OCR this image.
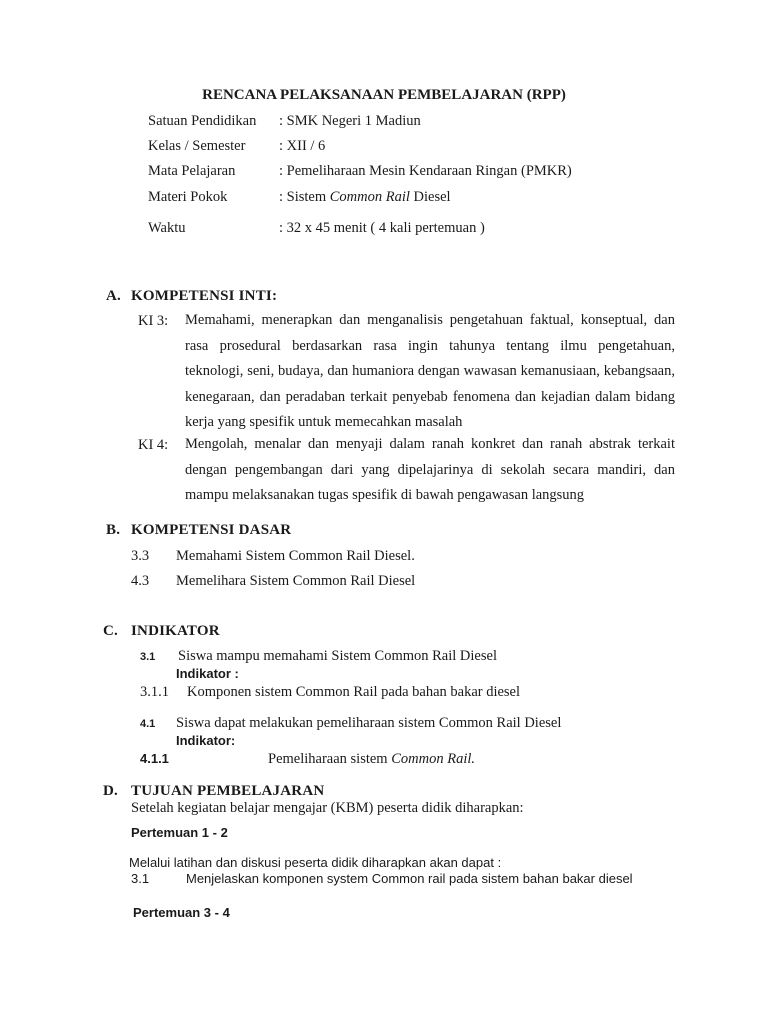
RENCANA PELAKSANAAN PEMBELAJARAN (RPP)
Satuan Pendidikan : SMK Negeri 1 Madiun
Kelas / Semester : XII / 6
Mata Pelajaran	: Pemeliharaan Mesin Kendaraan Ringan (PMKR)
Materi Pokok	: Sistem Common Rail Diesel
Waktu	: 32 x 45 menit ( 4 kali pertemuan )
A. KOMPETENSI INTI:
KI 3: Memahami, menerapkan dan menganalisis pengetahuan faktual, konseptual, dan rasa prosedural berdasarkan rasa ingin tahunya tentang ilmu pengetahuan, teknologi, seni, budaya, dan humaniora dengan wawasan kemanusiaan, kebangsaan, kenegaraan, dan peradaban terkait penyebab fenomena dan kejadian dalam bidang kerja yang spesifik untuk memecahkan masalah
KI 4: Mengolah, menalar dan menyaji dalam ranah konkret dan ranah abstrak terkait dengan pengembangan dari yang dipelajarinya di sekolah secara mandiri, dan mampu melaksanakan tugas spesifik di bawah pengawasan langsung
B. KOMPETENSI DASAR
3.3 Memahami Sistem Common Rail Diesel.
4.3 Memelihara Sistem Common Rail Diesel
C. INDIKATOR
3.1 Siswa mampu memahami Sistem Common Rail Diesel
Indikator :
3.1.1 Komponen sistem Common Rail pada bahan bakar diesel
4.1 Siswa dapat melakukan pemeliharaan sistem Common Rail Diesel
Indikator:
4.1.1	Pemeliharaan sistem Common Rail.
D. TUJUAN PEMBELAJARAN
Setelah kegiatan belajar mengajar (KBM) peserta didik diharapkan:
Pertemuan 1 - 2
Melalui latihan dan diskusi peserta didik diharapkan akan dapat :
3.1	Menjelaskan komponen system Common rail pada sistem bahan bakar diesel
Pertemuan 3 - 4
